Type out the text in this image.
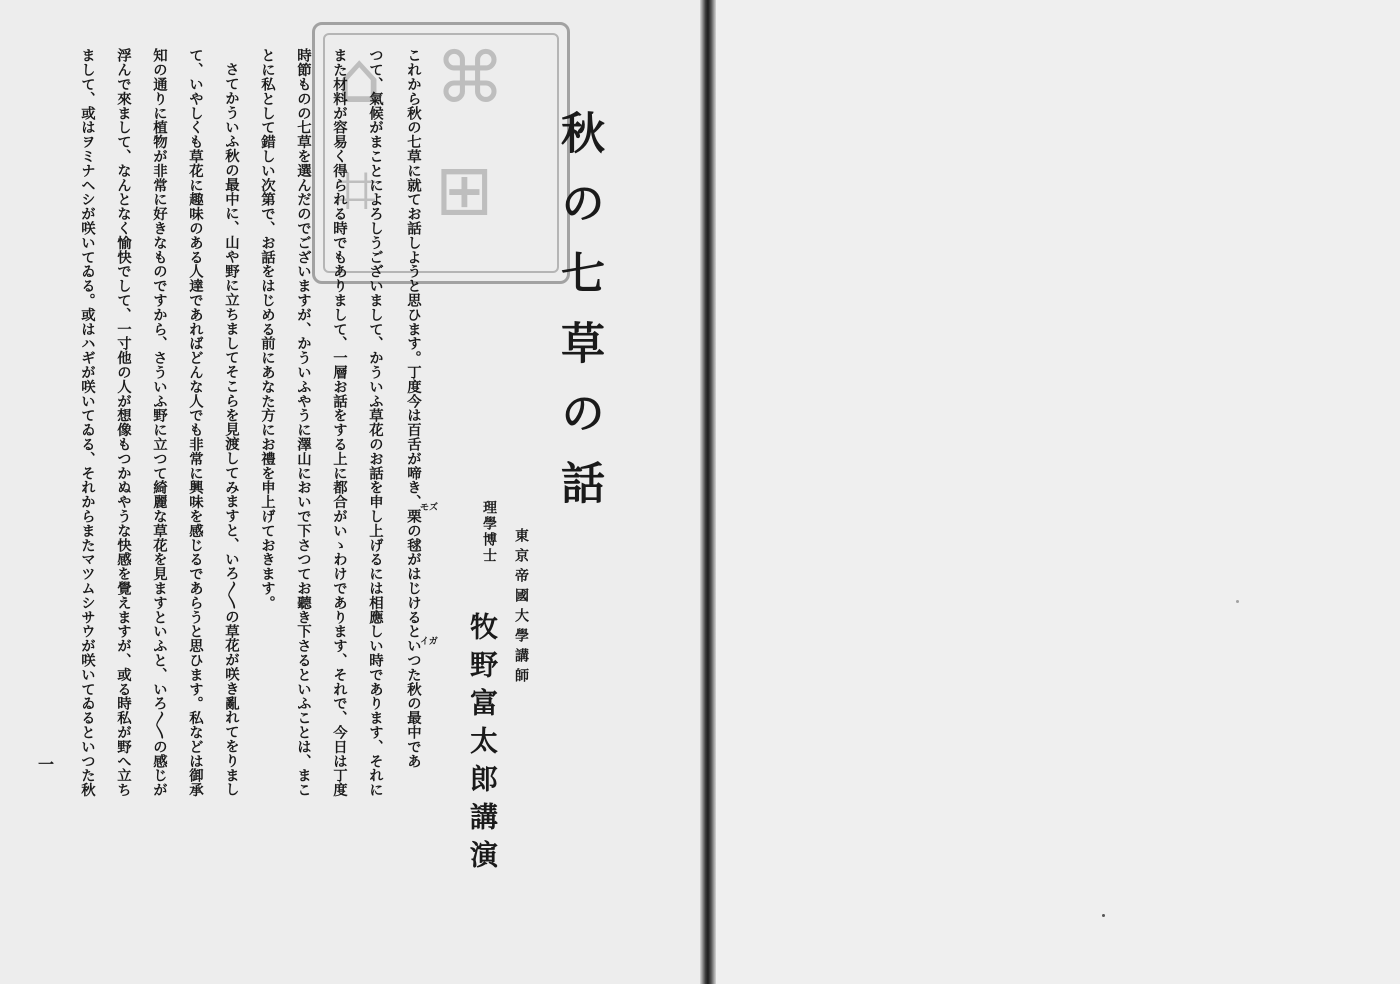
⌂ ⌘
⌗ ⊞ 秋の七草の話
東京帝國大學講師
理學博士
牧野富太郎講演
モズ
イガ
これから秋の七草に就てお話しようと思ひます。丁度今は百舌が啼き、栗の毬がはじけるといつた秋の最中であ
つて、氣候がまことによろしうございまして、かういふ草花のお話を申し上げるには相應しい時であります、それに
また材料が容易く得られる時でもありまして、一層お話をする上に都合がいゝわけであります、それで、今日は丁度
時節ものの七草を選んだのでございますが、かういふやうに澤山においで下さつてお聽き下さるといふことは、まこ
とに私として錯しい次第で、お話をはじめる前にあなた方にお禮を申上げておきます。
さてかういふ秋の最中に、山や野に立ちましてそこらを見渡してみますと、いろ〳〵の草花が咲き亂れてをりまし
て、いやしくも草花に趣味のある人達であればどんな人でも非常に興味を感じるであらうと思ひます。私などは御承
知の通りに植物が非常に好きなものですから、さういふ野に立つて綺麗な草花を見ますといふと、いろ〳〵の感じが
浮んで來まして、なんとなく愉快でして、一寸他の人が想像もつかぬやうな快感を覺えますが、或る時私が野へ立ち
まして、或はヲミナヘシが咲いてゐる。或はハギが咲いてゐる、それからまたマツムシサウが咲いてゐるといつた秋
一
